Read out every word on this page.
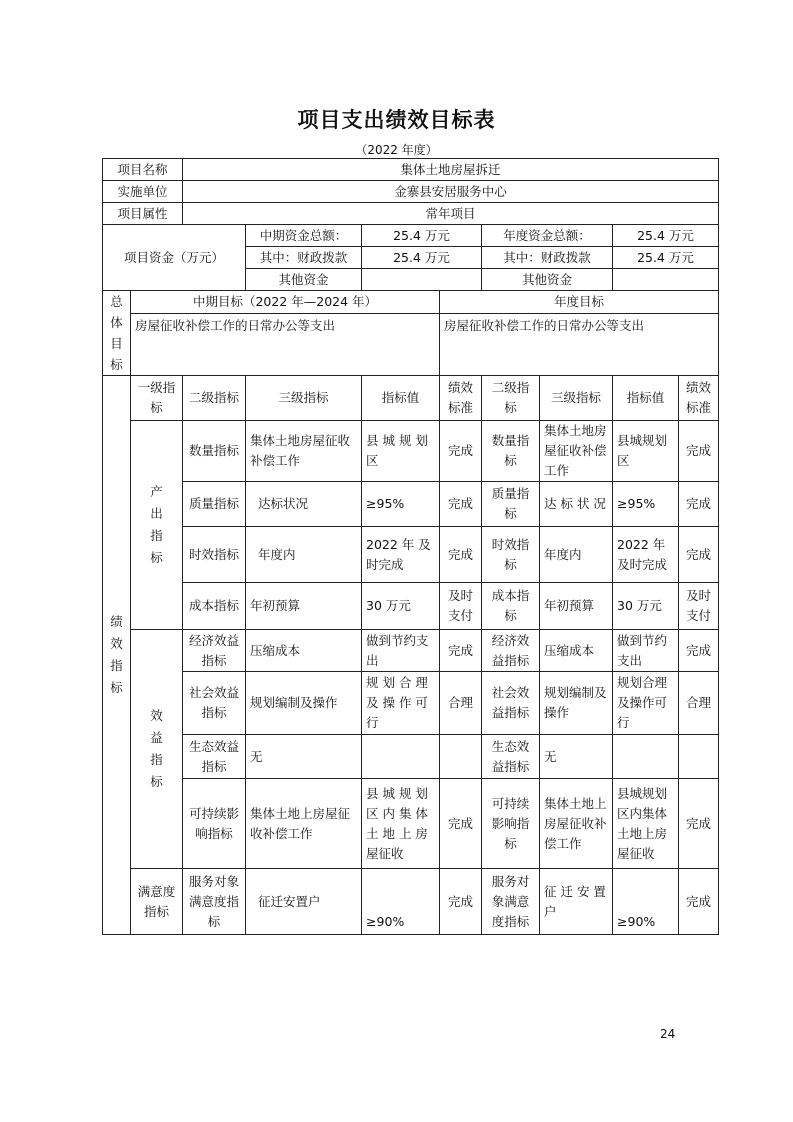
项目支出绩效目标表
（2022 年度）
项目名称		集体土地房屋拆迁							
实施单位		金寨县安居服务中心							
项目属性		常年项目							
项目资金（万元）			中期资金总额：	25.4 万元		年度资金总额：		25.4 万元	
			其中：财政拨款	25.4 万元		其中：财政拨款		25.4 万元	
			其他资金			其他资金			

总体目标	中期目标（2022 年—2024 年）				年度目标				
	房屋征收补偿工作的日常办公等支出				房屋征收补偿工作的日常办公等支出				

绩效指标	一级指标	二级指标	三级指标	指标值	绩效标准	二级指标	三级指标	指标值	绩效标准

	产出指标	数量指标	集体土地房屋征收补偿工作	县 城 规 划 区	完成	数量指标	集体土地房屋征收补偿工作	县城规划区	完成
		质量指标	达标状况	≥95%	完成	质量指标	达 标 状 况	≥95%	完成
		时效指标	年度内	2022 年 及时完成	完成	时效指标	年度内	2022 年 及时完成	完成
		成本指标	年初预算	30 万元	及时支付	成本指标	年初预算	30 万元	及时支付

	效益指标	经济效益指标	压缩成本	做到节约支出	完成	经济效益指标	压缩成本	做到节约支出	完成
		社会效益指标	规划编制及操作	规 划 合 理 及 操 作 可 行	合理	社会效益指标	规划编制及操作	规划合理及操作可行	合理
		生态效益指标	无			生态效益指标	无		
		可持续影响指标	集体土地上房屋征收补偿工作	县 城 规 划 区 内 集 体 土 地 上 房 屋征收	完成	可持续影响指标	集体土地上房屋征收补偿工作	县城规划区内集体土地上房屋征收	完成
	满意度指标	服务对象满意度指标	征迁安置户	≥90%	完成	服务对象满意度指标	征 迁 安 置户	≥90%	完成
24
